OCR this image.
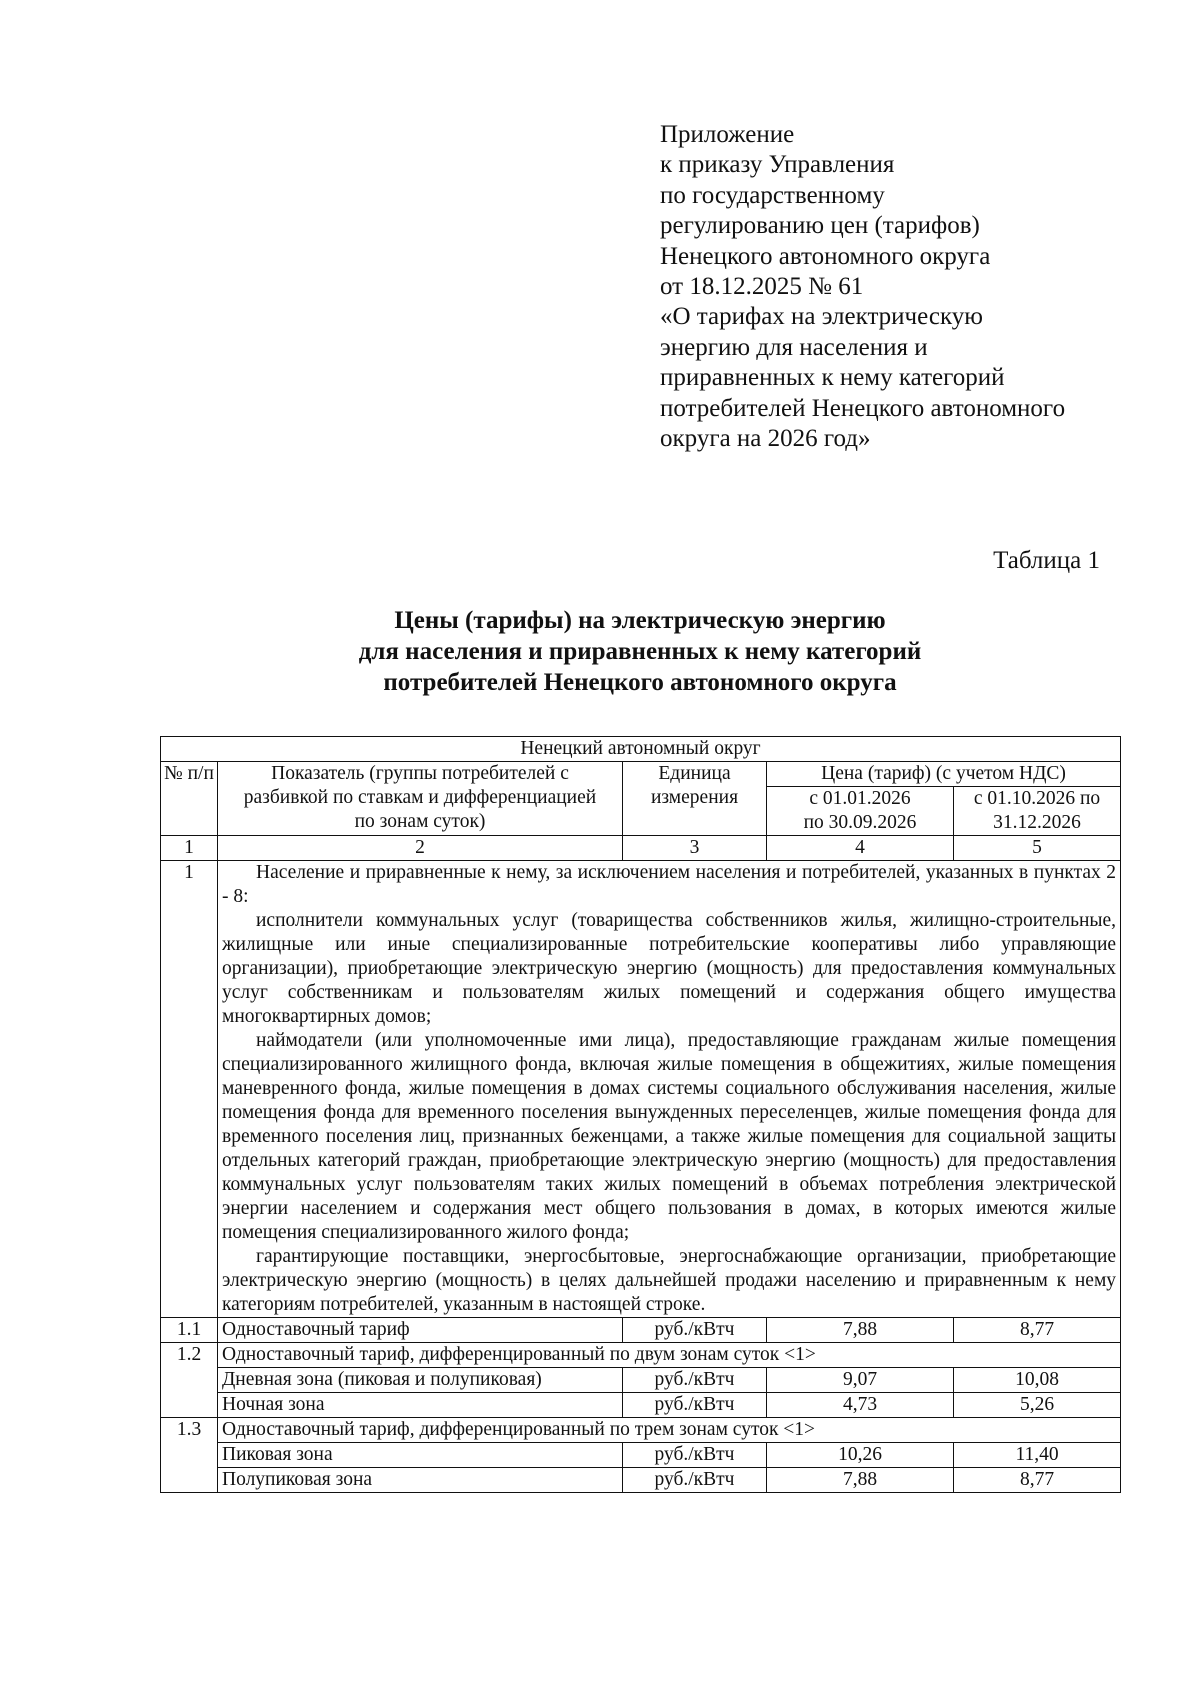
Приложение
к приказу Управления
по государственному
регулированию цен (тарифов)
Ненецкого автономного округа
от 18.12.2025 № 61
«О тарифах на электрическую
энергию для населения и
приравненных к нему категорий
потребителей Ненецкого автономного
округа на 2026 год»
Таблица 1
Цены (тарифы) на электрическую энергию
для населения и приравненных к нему категорий
потребителей Ненецкого автономного округа
Ненецкий автономный округ				
№ п/п	Показатель (группы потребителей с разбивкой по ставкам и дифференциацией по зонам суток)	Единица измерения	Цена (тариф) (с учетом НДС)	
			с 01.01.2026 по 30.09.2026	с 01.10.2026 по 31.12.2026
1	2	3	4	5
1	Население и приравненные к нему, за исключением населения и потребителей, указанных в пунктах 2 - 8:

исполнители коммунальных услуг (товарищества собственников жилья, жилищно-строительные, жилищные или иные специализированные потребительские кооперативы либо управляющие организации), приобретающие электрическую энергию (мощность) для предоставления коммунальных услуг собственникам и пользователям жилых помещений и содержания общего имущества многоквартирных домов;

наймодатели (или уполномоченные ими лица), предоставляющие гражданам жилые помещения специализированного жилищного фонда, включая жилые помещения в общежитиях, жилые помещения маневренного фонда, жилые помещения в домах системы социального обслуживания населения, жилые помещения фонда для временного поселения вынужденных переселенцев, жилые помещения фонда для временного поселения лиц, признанных беженцами, а также жилые помещения для социальной защиты отдельных категорий граждан, приобретающие электрическую энергию (мощность) для предоставления коммунальных услуг пользователям таких жилых помещений в объемах потребления электрической энергии населением и содержания мест общего пользования в домах, в которых имеются жилые помещения специализированного жилого фонда;

гарантирующие поставщики, энергосбытовые, энергоснабжающие организации, приобретающие электрическую энергию (мощность) в целях дальнейшей продажи населению и приравненным к нему категориям потребителей, указанным в настоящей строке.			

1.1	Одноставочный тариф	руб./кВтч	7,88	8,77
1.2	Одноставочный тариф, дифференцированный по двум зонам суток <1>			
	Дневная зона (пиковая и полупиковая)	руб./кВтч	9,07	10,08
	Ночная зона	руб./кВтч	4,73	5,26
1.3	Одноставочный тариф, дифференцированный по трем зонам суток <1>			
	Пиковая зона	руб./кВтч	10,26	11,40
	Полупиковая зона	руб./кВтч	7,88	8,77
